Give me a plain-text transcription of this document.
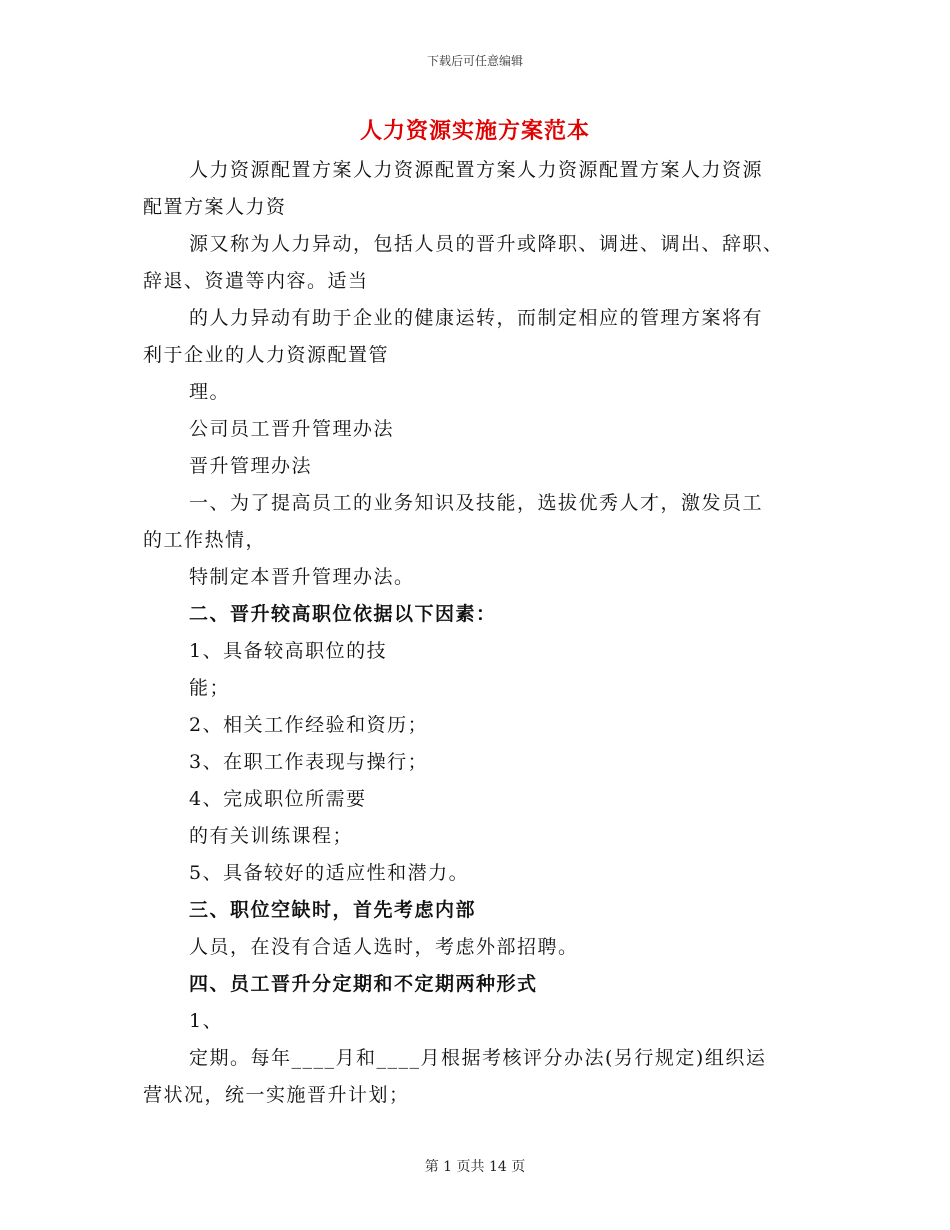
下载后可任意编辑
人力资源实施方案范本
人力资源配置方案人力资源配置方案人力资源配置方案人力资源
配置方案人力资
源又称为人力异动，包括人员的晋升或降职、调进、调出、辞职、
辞退、资遣等内容。适当
的人力异动有助于企业的健康运转，而制定相应的管理方案将有
利于企业的人力资源配置管
理。
公司员工晋升管理办法
晋升管理办法
一、为了提高员工的业务知识及技能，选拔优秀人才，激发员工
的工作热情，
特制定本晋升管理办法。
二、晋升较高职位依据以下因素：
1、具备较高职位的技
能；
2、相关工作经验和资历；
3、在职工作表现与操行；
4、完成职位所需要
的有关训练课程；
5、具备较好的适应性和潜力。
三、职位空缺时，首先考虑内部
人员，在没有合适人选时，考虑外部招聘。
四、员工晋升分定期和不定期两种形式
1、
定期。每年____月和____月根据考核评分办法(另行规定)组织运
营状况，统一实施晋升计划；
第 1 页共 14 页
